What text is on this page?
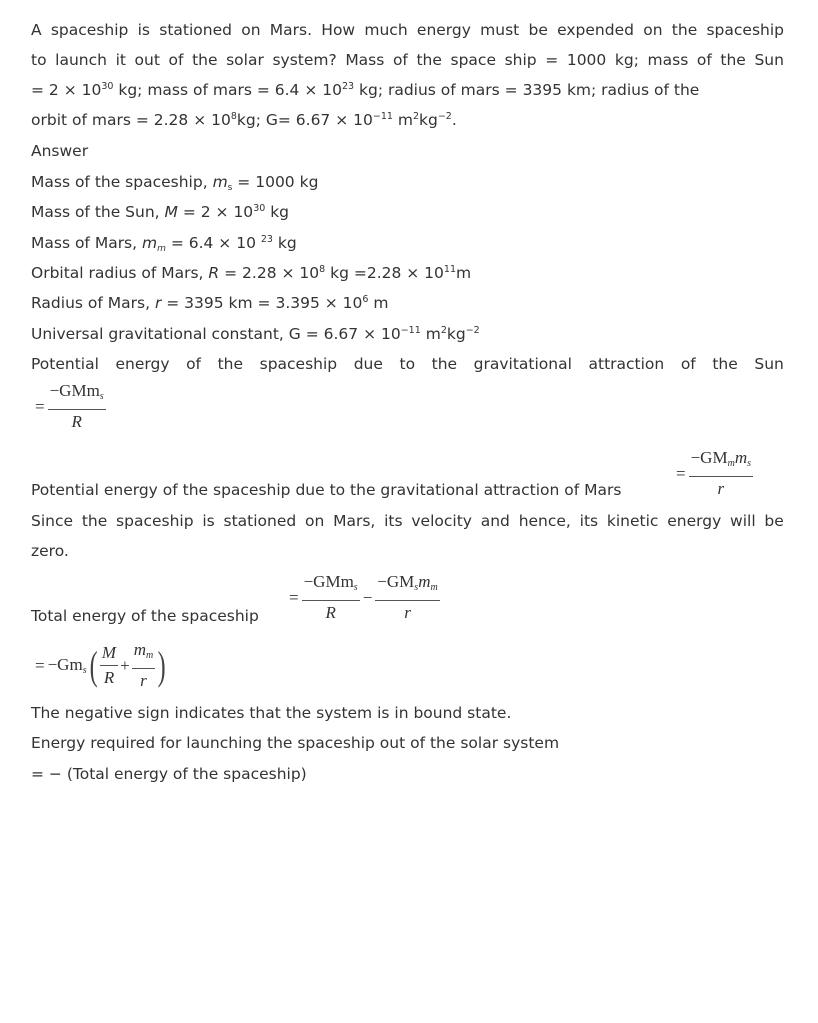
A spaceship is stationed on Mars. How much energy must be expended on the spaceship
to launch it out of the solar system? Mass of the space ship = 1000 kg; mass of the Sun
= $2 \times 10^{30}$ kg; mass of mars = $6.4 \times 10^{23}$ kg; radius of mars = 3395 km; radius of the
orbit of mars = $2.28 \times 10^8kg$; $G= 6.67 \times 10^{-11}$ $m^2kg^{-2}$.
Answer
Mass of the spaceship, $m_s = 1000$ kg
Mass of the Sun, $M = 2 \times 10^{30}$ kg
Mass of Mars, $m_m = 6.4 \times 10$ $^{23}$ kg
Orbital radius of Mars, $R = 2.28 \times 10^8$ kg $=2.28 \times 10^{11}m$
Radius of Mars, r = 3395 km = $3.395 \times 10^6$ m
Universal gravitational constant, $G = 6.67 \times 10^{-11}$ $m^2kg^{-2}$
Potential energy of the spaceship due to the gravitational attraction of the Sun
= $\frac{\text{−GMms}}{R}$
Potential energy of the spaceship due to the gravitational attraction of Mars
= $\frac{\text{−GMmms}}{r}$
Since the spaceship is stationed on Mars, its velocity and hence, its kinetic energy will be
zero.
Total energy of the spaceship
= $\frac{\text{−GMms}}{R} - \frac{\text{−GMsmm}}{r}$
= $-Gms( \frac{M}{R} + \frac{mm}{r}$ )
The negative sign indicates that the system is in bound state.
Energy required for launching the spaceship out of the solar system
= − (Total energy of the spaceship)
